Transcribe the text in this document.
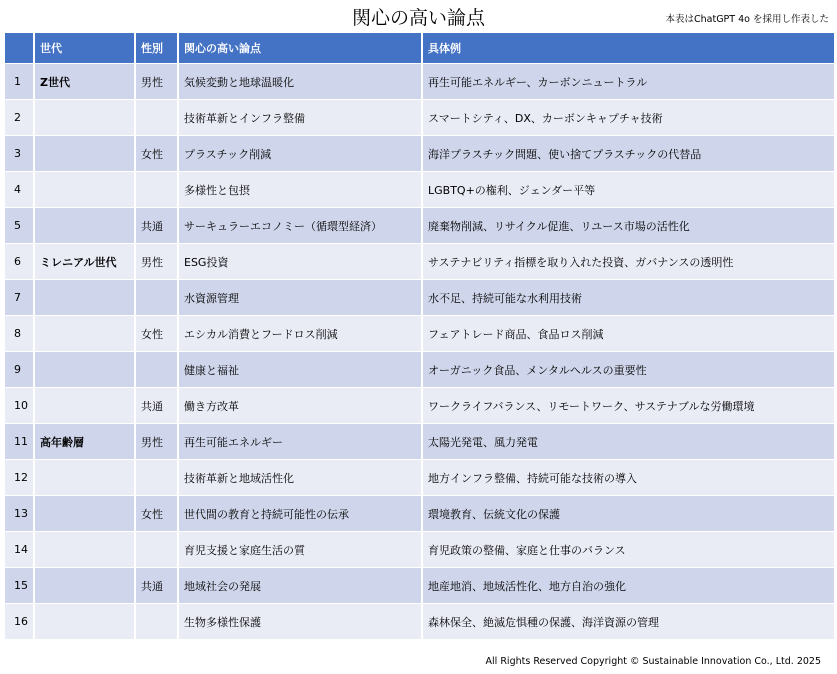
関心の高い論点	本表はChatGPT 4o を採用し作表した
	世代	性別	関心の高い論点	具体例
1	Z世代	男性	気候変動と地球温暖化	再生可能エネルギー、カーボンニュートラル
2			技術革新とインフラ整備	スマートシティ、DX、カーボンキャプチャ技術
3		女性	プラスチック削減	海洋プラスチック問題、使い捨てプラスチックの代替品
4			多様性と包摂	LGBTQ+の権利、ジェンダー平等
5		共通	サーキュラーエコノミー（循環型経済）	廃棄物削減、リサイクル促進、リユース市場の活性化
6	ミレニアル世代	男性	ESG投資	サステナビリティ指標を取り入れた投資、ガバナンスの透明性
7			水資源管理	水不足、持続可能な水利用技術
8		女性	エシカル消費とフードロス削減	フェアトレード商品、食品ロス削減
9			健康と福祉	オーガニック食品、メンタルヘルスの重要性
10		共通	働き方改革	ワークライフバランス、リモートワーク、サステナブルな労働環境
11	高年齢層	男性	再生可能エネルギー	太陽光発電、風力発電
12			技術革新と地域活性化	地方インフラ整備、持続可能な技術の導入
13		女性	世代間の教育と持続可能性の伝承	環境教育、伝統文化の保護
14			育児支援と家庭生活の質	育児政策の整備、家庭と仕事のバランス
15		共通	地域社会の発展	地産地消、地域活性化、地方自治の強化
16			生物多様性保護	森林保全、絶滅危惧種の保護、海洋資源の管理
All Rights Reserved Copyright © Sustainable Innovation Co., Ltd. 2025
